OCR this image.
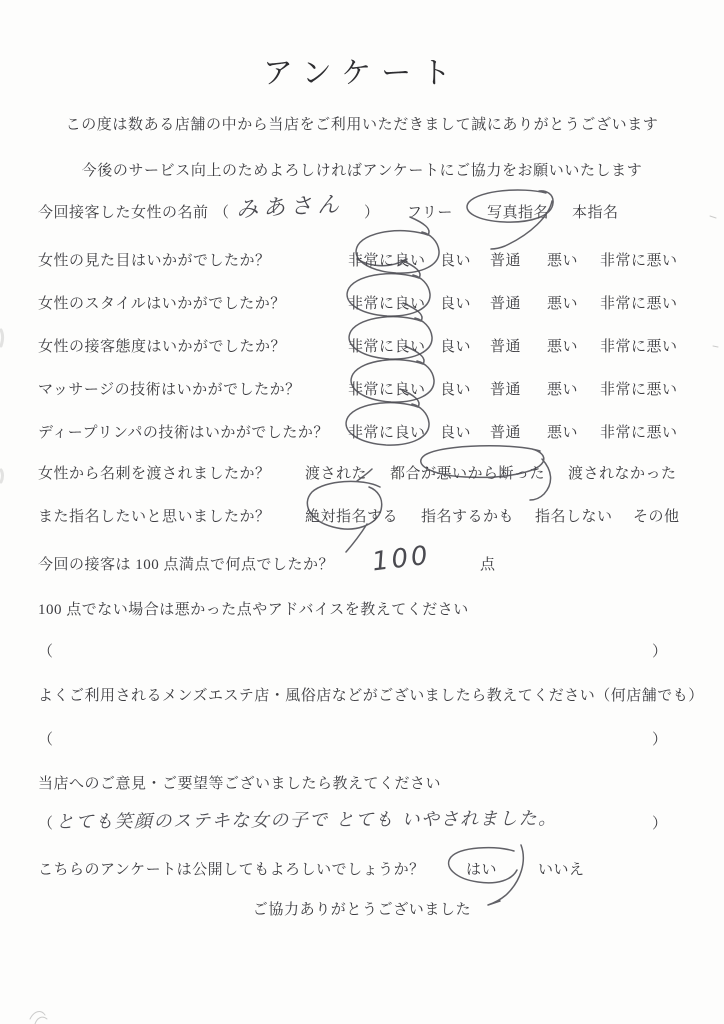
アンケート
この度は数ある店舗の中から当店をご利用いただきまして誠にありがとうございます
今後のサービス向上のためよろしければアンケートにご協力をお願いいたします
今回接客した女性の名前 （	） フリー 写真指名 本指名
みあさん
女性の見た目はいかがでしたか？	非常に良い 良い 普通 悪い 非常に悪い
女性のスタイルはいかがでしたか？	非常に良い 良い 普通 悪い 非常に悪い
女性の接客態度はいかがでしたか？	非常に良い 良い 普通 悪い 非常に悪い
マッサージの技術はいかがでしたか？	非常に良い 良い 普通 悪い 非常に悪い
ディープリンパの技術はいかがでしたか？ 非常に良い 良い 普通 悪い 非常に悪い
女性から名刺を渡されましたか？ 渡された 都合が悪いから断った 渡されなかった
また指名したいと思いましたか？ 絶対指名する 指名するかも 指名しない その他
今回の接客は 100 点満点で何点でしたか？	点
100
100 点でない場合は悪かった点やアドバイスを教えてください
（	）
よくご利用されるメンズエステ店・風俗店などがございましたら教えてください（何店舗でも）
（	）
当店へのご意見・ご要望等ございましたら教えてください
（	）
とても笑顔のステキな女の子で とても いやされました。
こちらのアンケートは公開してもよろしいでしょうか？	はい	いいえ
ご協力ありがとうございました
